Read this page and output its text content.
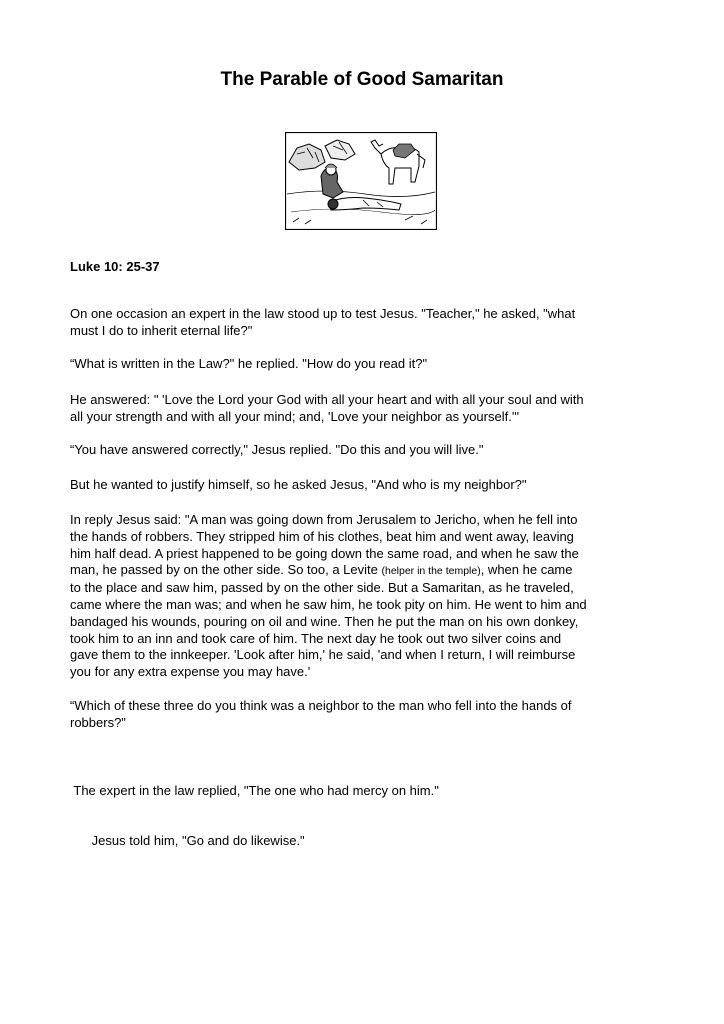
The Parable of Good Samaritan
Luke 10: 25-37
On one occasion an expert in the law stood up to test Jesus. "Teacher," he asked, "what
must I do to inherit eternal life?"
“What is written in the Law?" he replied. "How do you read it?"
He answered: " 'Love the Lord your God with all your heart and with all your soul and with
all your strength and with all your mind; and, 'Love your neighbor as yourself.'"
“You have answered correctly," Jesus replied. "Do this and you will live."
But he wanted to justify himself, so he asked Jesus, "And who is my neighbor?"
In reply Jesus said: "A man was going down from Jerusalem to Jericho, when he fell into
the hands of robbers. They stripped him of his clothes, beat him and went away, leaving
him half dead. A priest happened to be going down the same road, and when he saw the
man, he passed by on the other side. So too, a Levite (helper in the temple), when he came
to the place and saw him, passed by on the other side. But a Samaritan, as he traveled,
came where the man was; and when he saw him, he took pity on him. He went to him and
bandaged his wounds, pouring on oil and wine. Then he put the man on his own donkey,
took him to an inn and took care of him. The next day he took out two silver coins and
gave them to the innkeeper. 'Look after him,' he said, 'and when I return, I will reimburse
you for any extra expense you may have.'
“Which of these three do you think was a neighbor to the man who fell into the hands of
robbers?"

The expert in the law replied, "The one who had mercy on him."

Jesus told him, "Go and do likewise."
